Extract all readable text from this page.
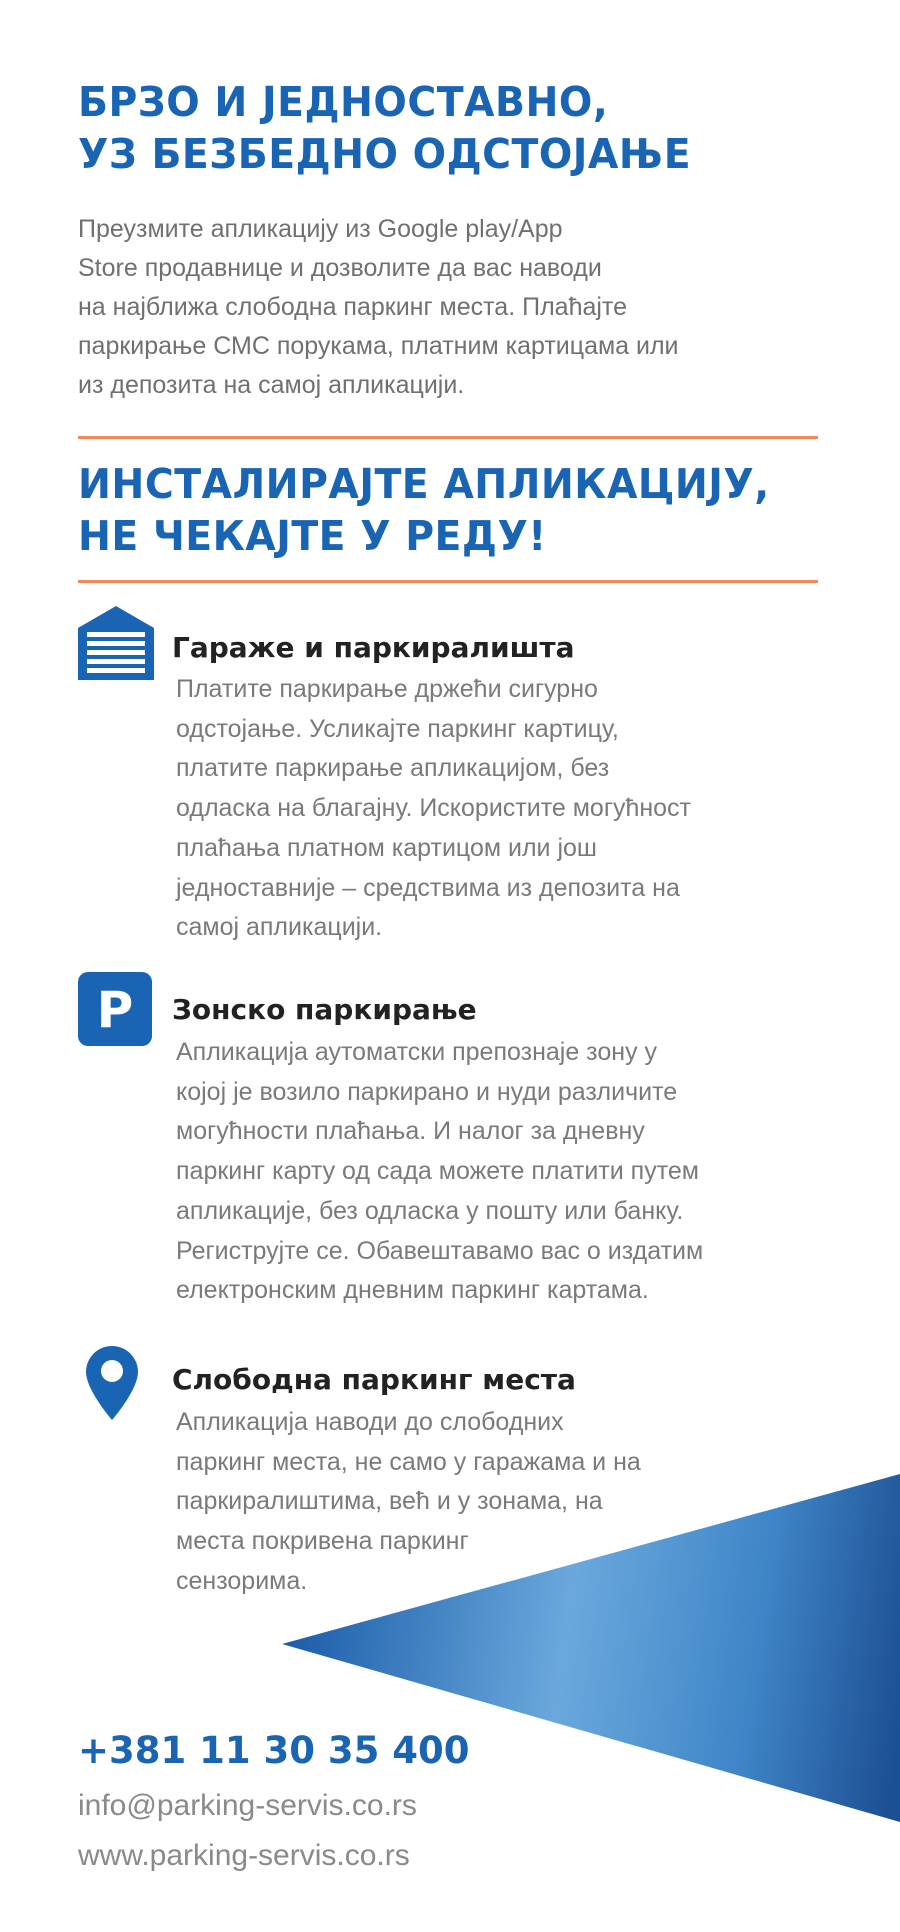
БРЗО И ЈЕДНОСТАВНО,
УЗ БЕЗБЕДНО ОДСТОЈАЊЕ

Преузмите апликацију из Google play/App
Store продавнице и дозволите да вас наводи
на најближа слободна паркинг места. Плаћајте
паркирање СМС порукама, платним картицама или
из депозита на самој апликацији.

ИНСТАЛИРАЈТЕ АПЛИКАЦИЈУ,
НЕ ЧЕКАЈТЕ У РЕДУ!
Гараже и паркиралишта

Платите паркирање држећи сигурно
одстојање. Усликајте паркинг картицу,
платите паркирање апликацијом, без
одласка на благајну. Искористите могућност
плаћања платном картицом или још
једноставније – средствима из депозита на
самој апликацији.

P Зонско паркирање

Апликација аутоматски препознаје зону у
којој је возило паркирано и нуди различите
могућности плаћања. И налог за дневну
паркинг карту од сада можете платити путем
апликације, без одласка у пошту или банку.
Региструјте се. Обавештавамо вас о издатим
електронским дневним паркинг картама.

Слободна паркинг места

Апликација наводи до слободних
паркинг места, не само у гаражама и на
паркиралиштима, већ и у зонама, на
места покривена паркинг
сензорима.

+381 11 30 35 400

info@parking-servis.co.rs

www.parking-servis.co.rs
